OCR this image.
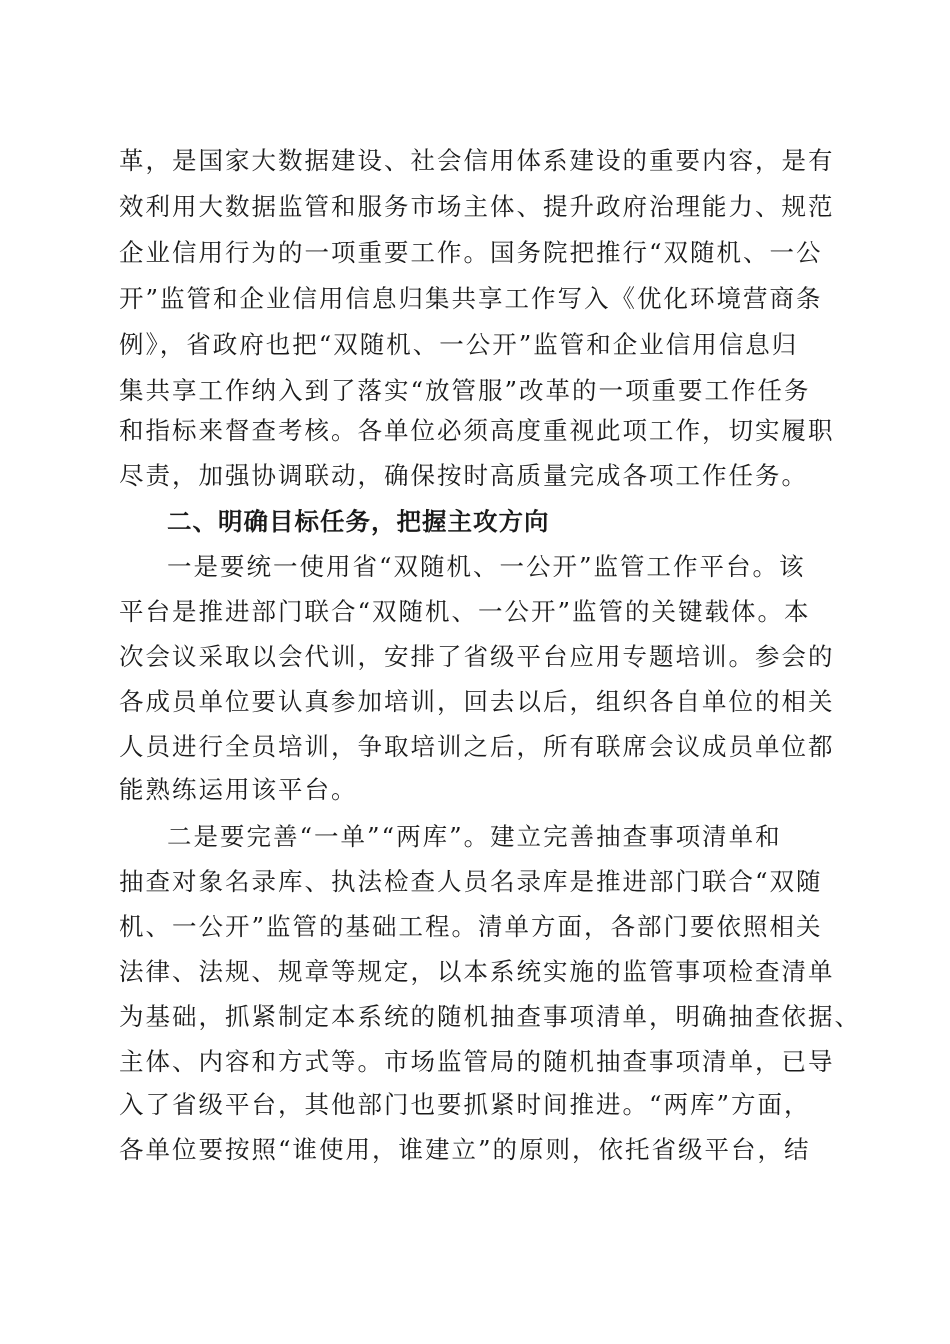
革，是国家大数据建设、社会信用体系建设的重要内容，是有

效利用大数据监管和服务市场主体、提升政府治理能力、规范

企业信用行为的一项重要工作。国务院把推行“双随机、一公

开”监管和企业信用信息归集共享工作写入《优化环境营商条

例》，省政府也把“双随机、一公开”监管和企业信用信息归

集共享工作纳入到了落实“放管服”改革的一项重要工作任务

和指标来督查考核。各单位必须高度重视此项工作，切实履职

尽责，加强协调联动，确保按时高质量完成各项工作任务。

二、明确目标任务，把握主攻方向

一是要统一使用省“双随机、一公开”监管工作平台。该

平台是推进部门联合“双随机、一公开”监管的关键载体。本

次会议采取以会代训，安排了省级平台应用专题培训。参会的

各成员单位要认真参加培训，回去以后，组织各自单位的相关

人员进行全员培训，争取培训之后，所有联席会议成员单位都

能熟练运用该平台。

二是要完善“一单”“两库”。建立完善抽查事项清单和

抽查对象名录库、执法检查人员名录库是推进部门联合“双随

机、一公开”监管的基础工程。清单方面，各部门要依照相关

法律、法规、规章等规定，以本系统实施的监管事项检查清单

为基础，抓紧制定本系统的随机抽查事项清单，明确抽查依据、

主体、内容和方式等。市场监管局的随机抽查事项清单，已导

入了省级平台，其他部门也要抓紧时间推进。“两库”方面，

各单位要按照“谁使用，谁建立”的原则，依托省级平台，结
